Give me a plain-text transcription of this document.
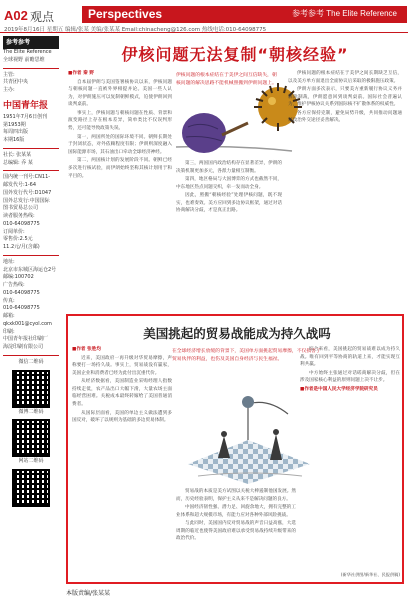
A02 观点	Perspectives	参考参考 The Elite Reference
2019年8月16日 星期五 编辑/张某 美编/张某某 Email:chinacheng@126.com 热线电话:010-64098775
参考参考
The Elite Reference
全球视野 前瞻思维
主管:
共青团中央
主办:
中国青年报
1951年7月6日创刊
第1953期
每周四出版
本期16版
社长: 张某某
总编辑: 乔 某
国内统一刊号:CN11-
邮发代号:1-64
国外发行代号:D1047
国外总发行:中国国际
图书贸易总公司
读者服务热线:
010-64098775
订阅单价:
零售价:2.5元
11.2元/月(含邮)
地址:
北京市东城区海运仓2号
邮编:100702
广告热线:
010-64098775
传真:
010-64098775
邮箱:
qkxk001@cyol.com
印刷:
中国青年报社印刷厂
海淀印刷有限公司
微信二维码
微博二维码
网站二维码
伊核问题无法复制“朝核经验”

■作者 秦 野

自本届伊朗与美国签署核协议以来，伊核问题与朝核问题一直被外界相提并论。美国一些人认为，对伊朗施压可以复制朝鲜模式，迫使伊朗回到谈判桌前。

事实上，伊核问题与朝核问题在性质、背景和演变路径上存在根本差异，简单类比不仅误判形势，还可能导致政策失误。

第一，两国所处的国际环境不同。朝鲜长期处于封闭状态，对外依赖程度有限；伊朗则深度融入国际能源市场，其石油出口牵动全球经济神经。

第二，两国核计划的发展阶段不同。朝鲜已经多次进行核试验，而伊朗始终坚称其核计划用于和平目的。

第三，两国国内政治结构存在显著差异，伊朗的决策机制更加多元，各派力量相互制衡。

第四，地区格局与大国博弈的方式也截然不同，中东地区热点问题交织，牵一发而动全身。

因此，照搬“朝核经验”处理伊核问题，既不现实，也难奏效。美方应回到多边协议框架，通过对话协商解决分歧，才是真正出路。

伊核问题的根本症结在于美伊之间长期缺乏互信，以及美方单方面退出全面协议后采取的极限施压政策。

伊朗方面多次表示，只要美方重新履行协议义务并解除制裁，伊朗愿意回到谈判桌前。国际社会普遍认为，维护伊核协议关系到国际核不扩散体系的权威性。

各方应保持克制，避免局势升级，共同推动问题通过政治外交途径妥善解决。

伊核问题的根本症结在于美伊之间互信缺失，朝核问题的解决思路不能机械照搬到伊朗问题上。
美国挑起的贸易战能成为持久战吗
在全球经济增长放缓的背景下，美国单方面挑起贸易摩擦，不仅损害了贸易伙伴的利益，也伤及美国自身经济与民生福祉。

■作者 张胜均

近来，美国政府一再升级对华贸易摩擦，声称要打一场持久战。事实上，贸易战没有赢家，美国企业和消费者已经为此付出沉重代价。

从经济数据看，美国制造业采购经理人指数持续走低，农产品出口大幅下滑，大量农场主面临经营困难。关税成本最终转嫁给了美国普通消费者。

从国际层面看，美国的单边主义做法遭到多国反对，破坏了以规则为基础的多边贸易体制。

贸易战的本质是美方试图以关税大棒遏制他国发展。然而，历史经验表明，保护主义从来不是解决问题的良方。

中国经济韧性强、潜力足、回旋余地大，拥有完整的工业体系和超大规模市场，有能力应对各种外部风险挑战。

与此同时，美国国内反对贸易战的声音日益高涨，大选周期的临近也使得美国政府难以承受贸易战持续升级带来的政治代价。

综合来看，美国挑起的贸易战难以成为持久战。唯有回到平等协商的轨道上来，才能实现互利共赢。

中方始终主张通过对话磋商解决分歧，但在涉及国家核心利益的原则问题上决不让步。

■作者是中国人民大学经济学院研究员

(新华社供图/新华社、民报供稿)
本版责编/张某某
